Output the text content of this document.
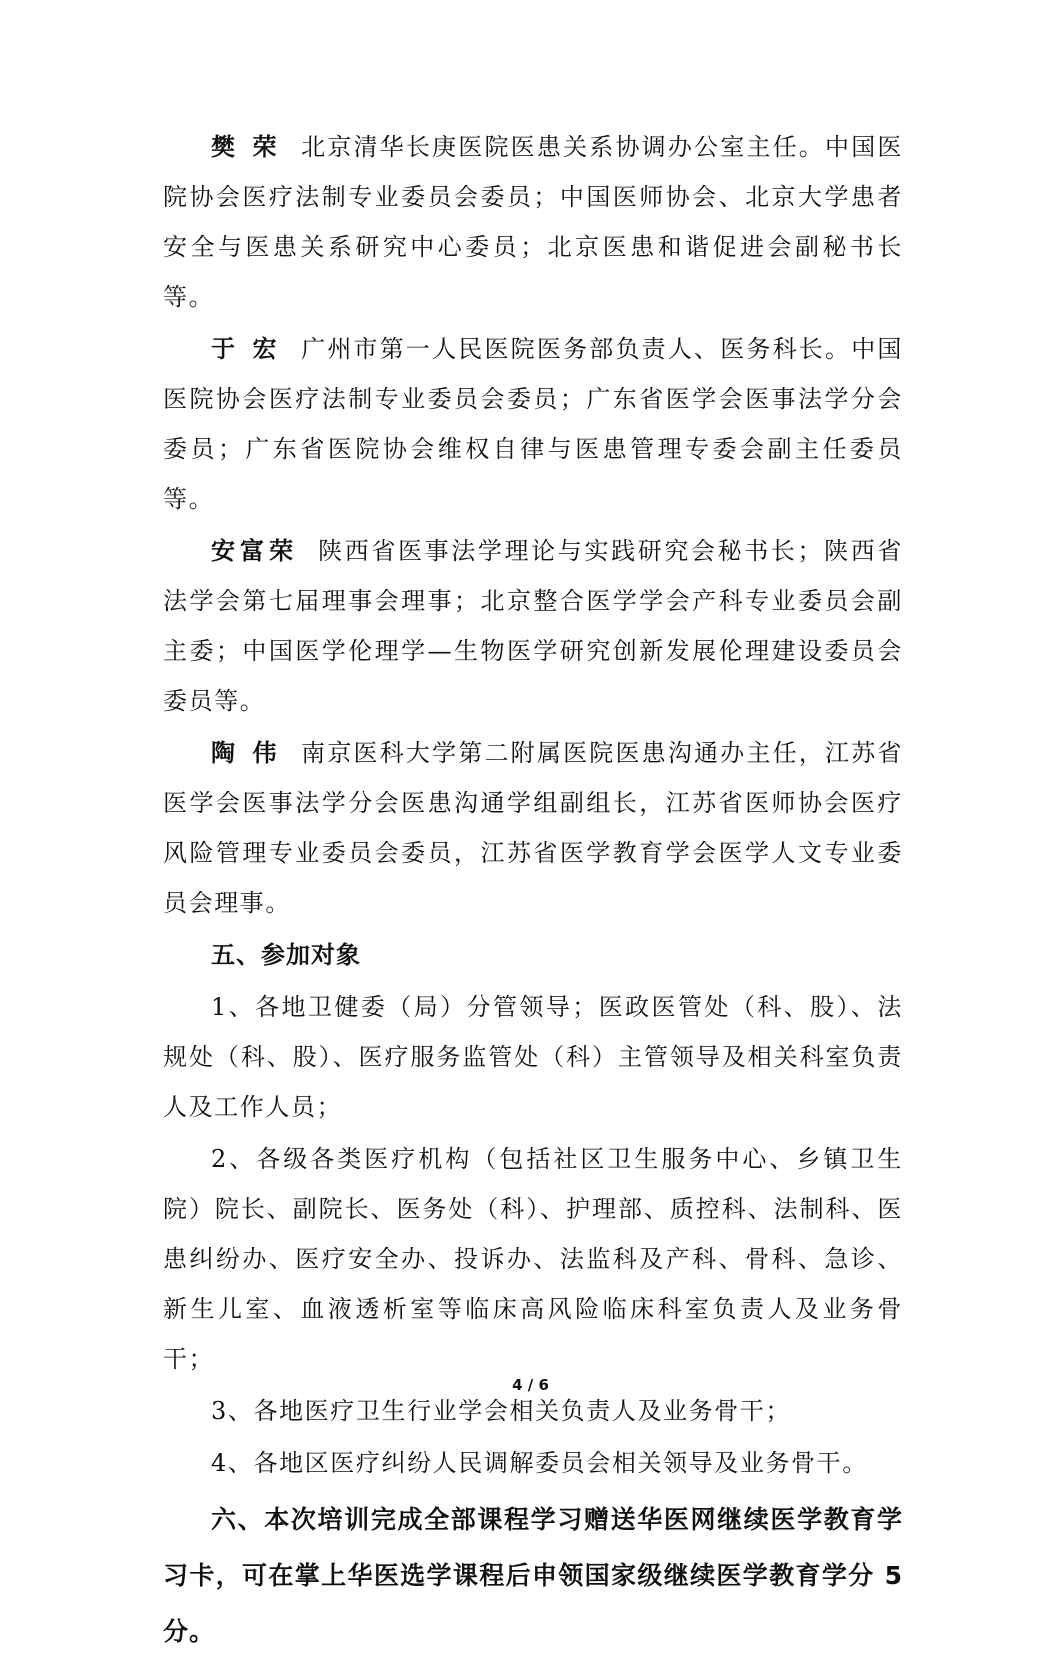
樊 荣 北京清华长庚医院医患关系协调办公室主任。中国医院协会医疗法制专业委员会委员；中国医师协会、北京大学患者安全与医患关系研究中心委员；北京医患和谐促进会副秘书长等。

于 宏 广州市第一人民医院医务部负责人、医务科长。中国医院协会医疗法制专业委员会委员；广东省医学会医事法学分会委员；广东省医院协会维权自律与医患管理专委会副主任委员等。

安富荣 陕西省医事法学理论与实践研究会秘书长；陕西省法学会第七届理事会理事；北京整合医学学会产科专业委员会副主委；中国医学伦理学—生物医学研究创新发展伦理建设委员会委员等。

陶 伟 南京医科大学第二附属医院医患沟通办主任，江苏省医学会医事法学分会医患沟通学组副组长，江苏省医师协会医疗风险管理专业委员会委员，江苏省医学教育学会医学人文专业委员会理事。

五、参加对象

1、各地卫健委（局）分管领导；医政医管处（科、股）、法规处（科、股）、医疗服务监管处（科）主管领导及相关科室负责人及工作人员；

2、各级各类医疗机构（包括社区卫生服务中心、乡镇卫生院）院长、副院长、医务处（科）、护理部、质控科、法制科、医患纠纷办、医疗安全办、投诉办、法监科及产科、骨科、急诊、新生儿室、血液透析室等临床高风险临床科室负责人及业务骨干；

3、各地医疗卫生行业学会相关负责人及业务骨干；

4、各地区医疗纠纷人民调解委员会相关领导及业务骨干。

六、本次培训完成全部课程学习赠送华医网继续医学教育学习卡，可在掌上华医选学课程后申领国家级继续医学教育学分 5 分。

4 / 6
